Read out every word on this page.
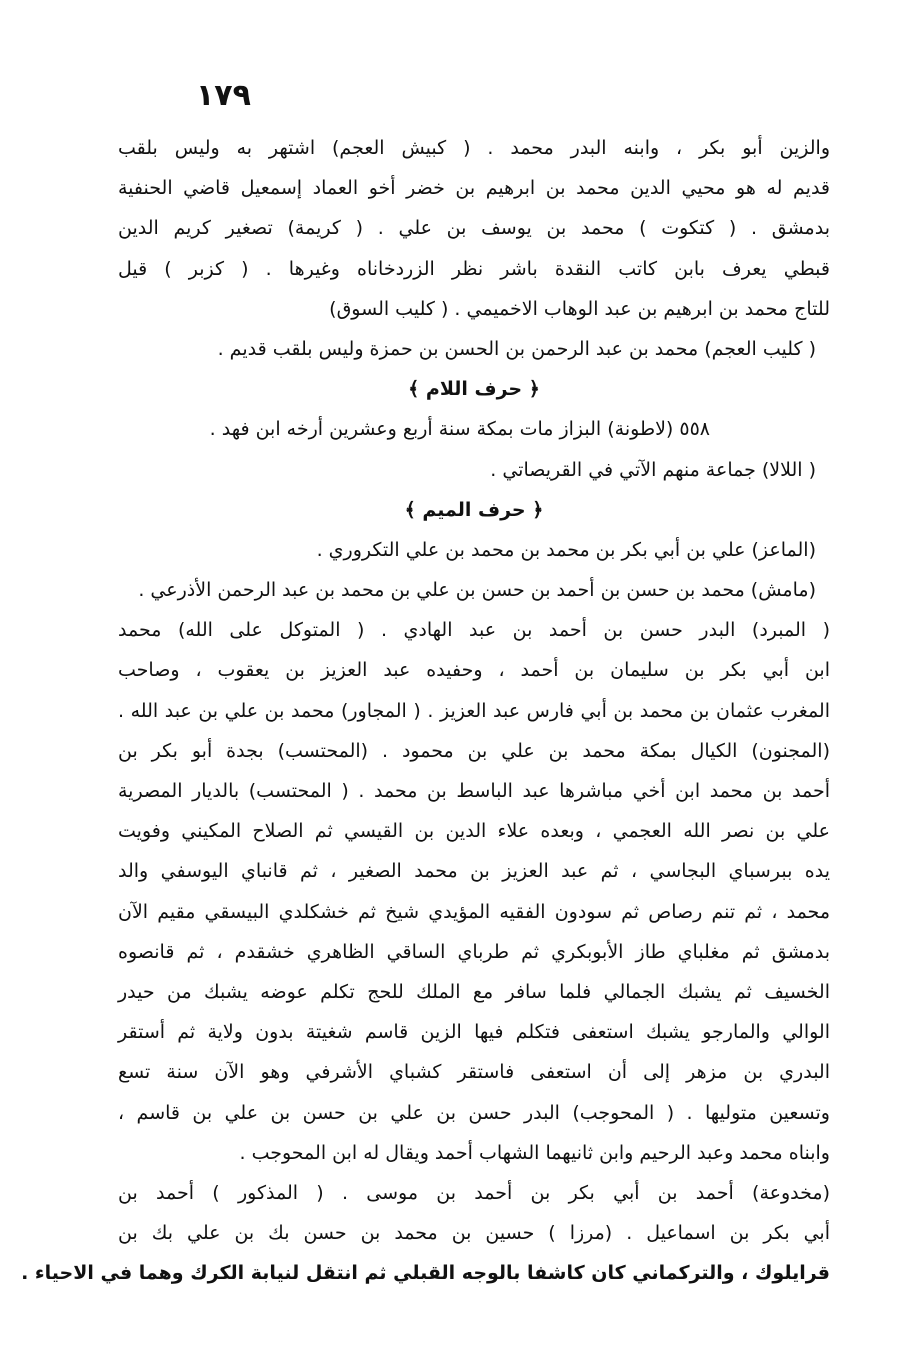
١٧٩
والزين أبو بكر ، وابنه البدر محمد . ( كبيش العجم) اشتهر به وليس بلقب
قديم له هو محيي الدين محمد بن ابرهيم بن خضر أخو العماد إسمعيل قاضي الحنفية
بدمشق . ( كتكوت ) محمد بن يوسف بن علي . ( كريمة) تصغير كريم الدين
قبطي يعرف بابن كاتب النقدة باشر نظر الزردخاناه وغيرها . ( كزبر ) قيل
للتاج محمد بن ابرهيم بن عبد الوهاب الاخميمي . ( كليب السوق)
( كليب العجم) محمد بن عبد الرحمن بن الحسن بن حمزة وليس بلقب قديم .
﴿ حرف اللام ﴾
٥٥٨ (لاطونة) البزاز مات بمكة سنة أربع وعشرين أرخه ابن فهد .
( اللالا) جماعة منهم الآتي في القريصاتي .
﴿ حرف الميم ﴾
(الماعز) علي بن أبي بكر بن محمد بن محمد بن علي التكروري .
(مامش) محمد بن حسن بن أحمد بن حسن بن علي بن محمد بن عبد الرحمن الأذرعي .
( المبرد) البدر حسن بن أحمد بن عبد الهادي . ( المتوكل على الله) محمد
ابن أبي بكر بن سليمان بن أحمد ، وحفيده عبد العزيز بن يعقوب ، وصاحب
المغرب عثمان بن محمد بن أبي فارس عبد العزيز . ( المجاور) محمد بن علي بن عبد الله .
(المجنون) الكيال بمكة محمد بن علي بن محمود . (المحتسب) بجدة أبو بكر بن
أحمد بن محمد ابن أخي مباشرها عبد الباسط بن محمد . ( المحتسب) بالديار المصرية
علي بن نصر الله العجمي ، وبعده علاء الدين بن القيسي ثم الصلاح المكيني وفويت
يده ببرسباي البجاسي ، ثم عبد العزيز بن محمد الصغير ، ثم قانباي اليوسفي والد
محمد ، ثم تنم رصاص ثم سودون الفقيه المؤيدي شيخ ثم خشكلدي البيسقي مقيم الآن
بدمشق ثم مغلباي طاز الأبوبكري ثم طرباي الساقي الظاهري خشقدم ، ثم قانصوه
الخسيف ثم يشبك الجمالي فلما سافر مع الملك للحج تكلم عوضه يشبك من حيدر
الوالي والمارجو يشبك استعفى فتكلم فيها الزين قاسم شغيتة بدون ولاية ثم أستقر
البدري بن مزهر إلى أن استعفى فاستقر كشباي الأشرفي وهو الآن سنة تسع
وتسعين متوليها . ( المحوجب) البدر حسن بن علي بن حسن بن علي بن قاسم ،
وابناه محمد وعبد الرحيم وابن ثانيهما الشهاب أحمد ويقال له ابن المحوجب .
(مخدوعة) أحمد بن أبي بكر بن أحمد بن موسى . ( المذكور ) أحمد بن
أبي بكر بن اسماعيل . (مرزا ) حسين بن محمد بن حسن بك بن علي بك بن
قرايلوك ، والتركماني كان كاشفا بالوجه القبلي ثم انتقل لنيابة الكرك وهما في الاحياء .
